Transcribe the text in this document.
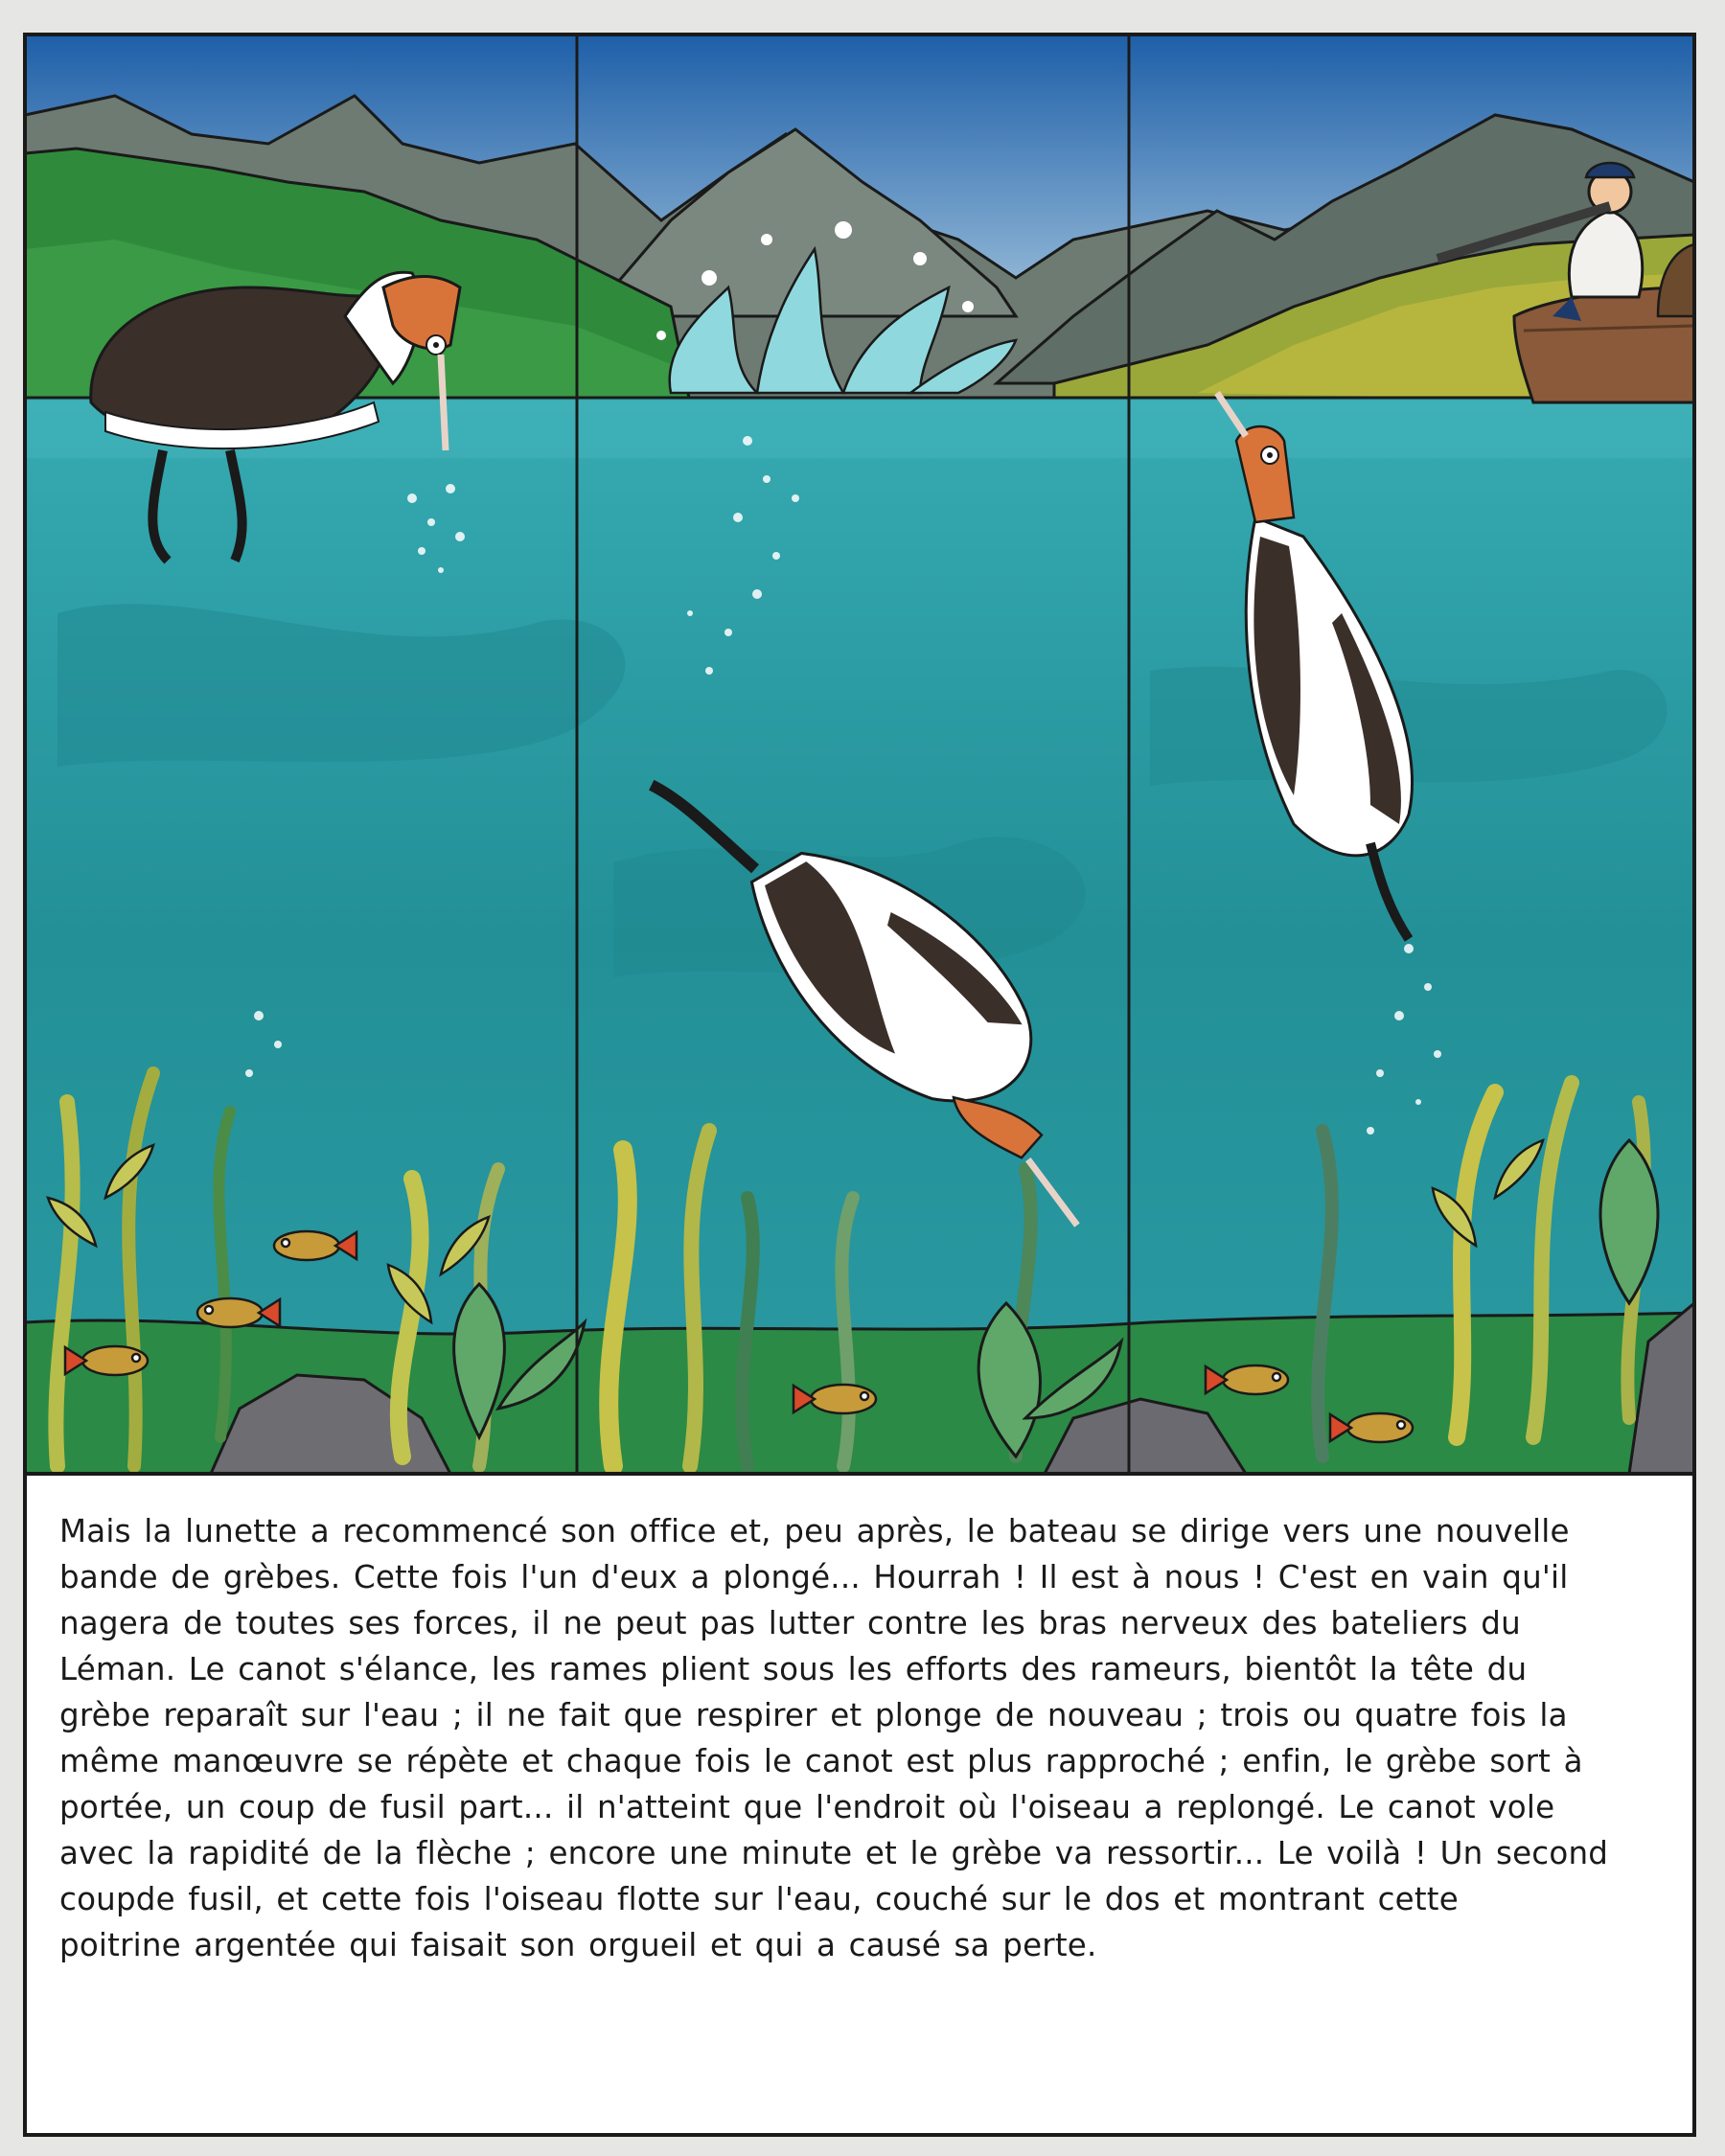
Mais la lunette a recommencé son office et, peu après, le bateau se dirige vers une nouvelle
bande de grèbes. Cette fois l'un d'eux a plongé... Hourrah ! Il est à nous ! C'est en vain qu'il
nagera de toutes ses forces, il ne peut pas lutter contre les bras nerveux des bateliers du
Léman. Le canot s'élance, les rames plient sous les efforts des rameurs, bientôt la tête du
grèbe reparaît sur l'eau ; il ne fait que respirer et plonge de nouveau ; trois ou quatre fois la
même manœuvre se répète et chaque fois le canot est plus rapproché ; enfin, le grèbe sort à
portée, un coup de fusil part... il n'atteint que l'endroit où l'oiseau a replongé. Le canot vole
avec la rapidité de la flèche ; encore une minute et le grèbe va ressortir... Le voilà ! Un second
coupde fusil, et cette fois l'oiseau flotte sur l'eau, couché sur le dos et montrant cette
poitrine argentée qui faisait son orgueil et qui a causé sa perte.
